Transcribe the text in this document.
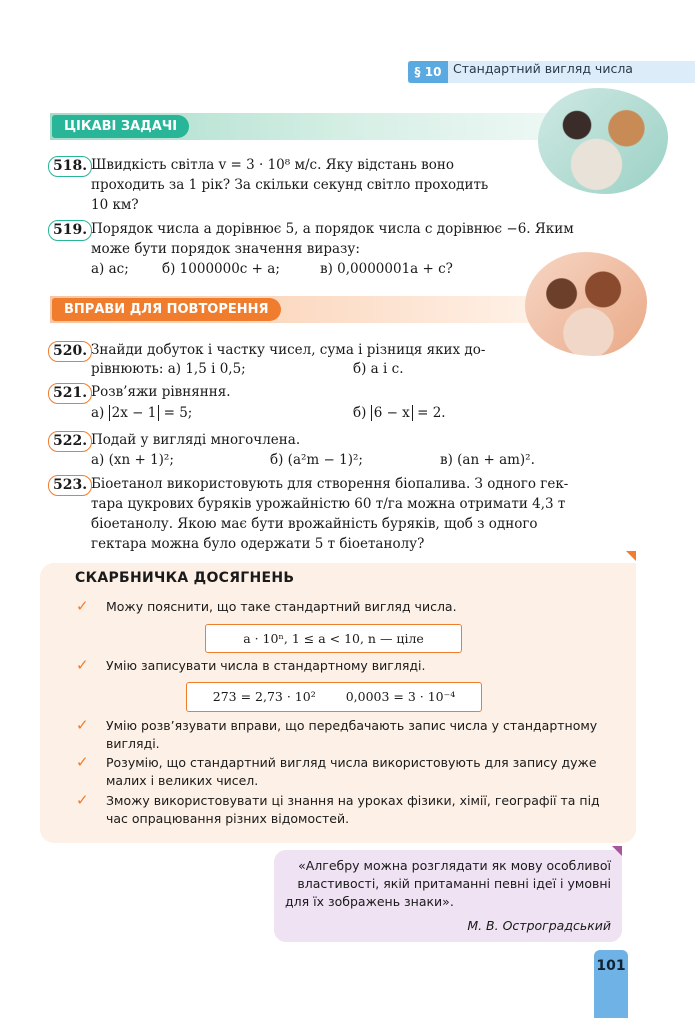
§ 10 Стандартний вигляд числа
ЦІКАВІ ЗАДАЧІ
518. Швидкість світла v = 3 · 10⁸ м/с. Яку відстань воно
проходить за 1 рік? За скільки секунд світло проходить
10 км?
519. Порядок числа a дорівнює 5, а порядок числа c дорівнює −6. Яким
може бути порядок значення виразу:
а) ac; б) 1000000c + a;	в) 0,0000001a + c?
ВПРАВИ ДЛЯ ПОВТОРЕННЯ
520. Знайди добуток і частку чисел, сума і різниця яких до-
рівнюють: а) 1,5 і 0,5;	б) a і c.
521. Розв’яжи рівняння.
а) 2x − 1 = 5;	б) 6 − x = 2.
522. Подай у вигляді многочлена.
а) (xn + 1)²;	б) (a²m − 1)²;	в) (an + am)².
523. Біоетанол використовують для створення біопалива. З одного гек-
тара цукрових буряків урожайністю 60 т/га можна отримати 4,3 т
біоетанолу. Якою має бути врожайність буряків, щоб з одного
гектара можна було одержати 5 т біоетанолу?
СКАРБНИЧКА ДОСЯГНЕНЬ
✓ Можу пояснити, що таке стандартний вигляд числа.
a · 10ⁿ, 1 ≤ a < 10, n — ціле
✓ Умію записувати числа в стандартному вигляді.
273 = 2,73 · 10² 0,0003 = 3 · 10⁻⁴
✓ Умію розв’язувати вправи, що передбачають запис числа у стандартному
вигляді.
✓ Розумію, що стандартний вигляд числа використовують для запису дуже
малих і великих чисел.
✓ Зможу використовувати ці знання на уроках фізики, хімії, географії та під
час опрацювання різних відомостей.
«Алгебру можна розглядати як мову особливої
властивості, якій притаманні певні ідеї і умовні
для їх зображень знаки».
М. В. Остроградський
101
